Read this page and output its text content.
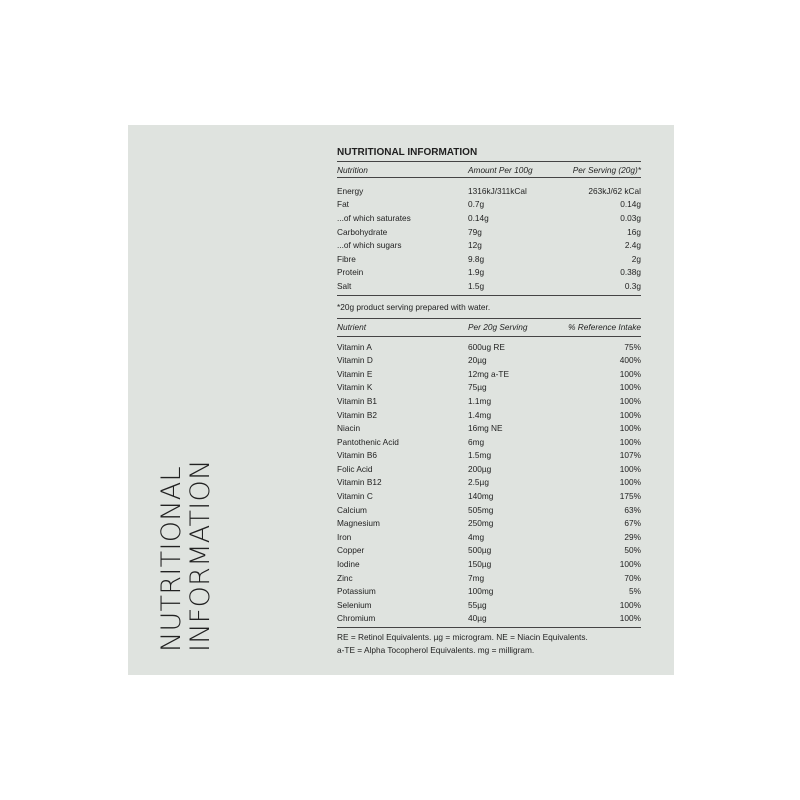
NUTRITIONAL
INFORMATION
NUTRITIONAL INFORMATION
Nutrition	Amount Per 100g	Per Serving (20g)*
Energy	1316kJ/311kCal	263kJ/62 kCal
Fat	0.7g	0.14g
...of which saturates	0.14g	0.03g
Carbohydrate	79g	16g
...of which sugars	12g	2.4g
Fibre	9.8g	2g
Protein	1.9g	0.38g
Salt	1.5g	0.3g
*20g product serving prepared with water.
Nutrient	Per 20g Serving	% Reference Intake
Vitamin A	600ug RE	75%
Vitamin D	20µg	400%
Vitamin E	12mg a-TE	100%
Vitamin K	75µg	100%
Vitamin B1	1.1mg	100%
Vitamin B2	1.4mg	100%
Niacin	16mg NE	100%
Pantothenic Acid	6mg	100%
Vitamin B6	1.5mg	107%
Folic Acid	200µg	100%
Vitamin B12	2.5µg	100%
Vitamin C	140mg	175%
Calcium	505mg	63%
Magnesium	250mg	67%
Iron	4mg	29%
Copper	500µg	50%
Iodine	150µg	100%
Zinc	7mg	70%
Potassium	100mg	5%
Selenium	55µg	100%
Chromium	40µg	100%
RE = Retinol Equivalents. µg = microgram. NE = Niacin Equivalents.
a-TE = Alpha Tocopherol Equivalents. mg = milligram.
